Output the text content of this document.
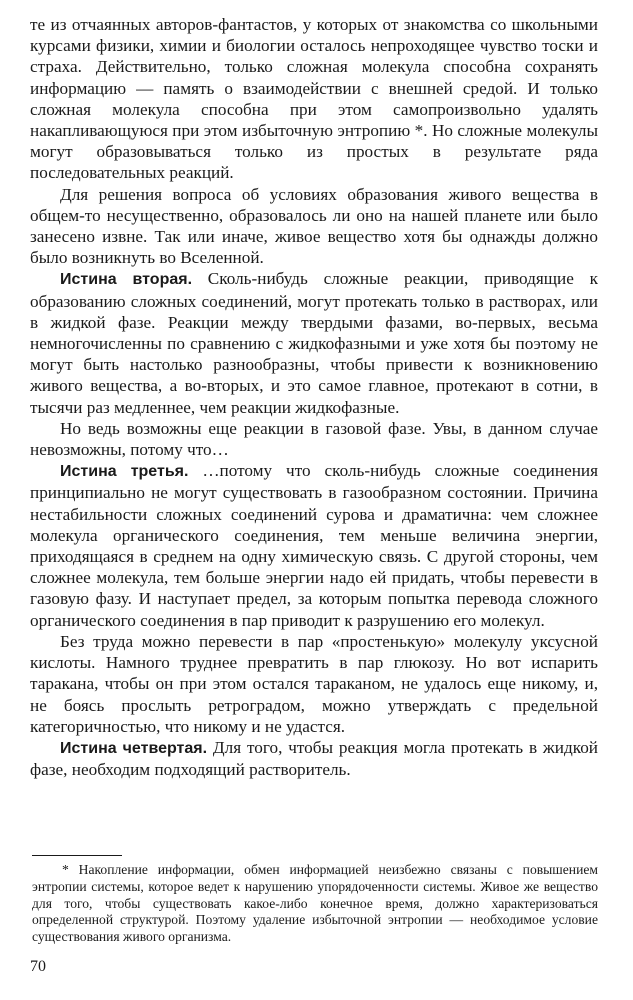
те из отчаянных авторов-фантастов, у которых от знакомства со школьными курсами физики, химии и биологии осталось непроходящее чувство тоски и страха. Действительно, только сложная молекула способна сохранять информацию — память о взаимодействии с внешней средой. И только сложная молекула способна при этом самопроизвольно удалять накапливающуюся при этом избыточную энтропию *. Но сложные молекулы могут образовываться только из простых в результате ряда последовательных реакций.

Для решения вопроса об условиях образования живого вещества в общем-то несущественно, образовалось ли оно на нашей планете или было занесено извне. Так или иначе, живое вещество хотя бы однажды должно было возникнуть во Вселенной.

Истина вторая. Сколь-нибудь сложные реакции, приводящие к образованию сложных соединений, могут протекать только в растворах, или в жидкой фазе. Реакции между твердыми фазами, во-первых, весьма немногочисленны по сравнению с жидкофазными и уже хотя бы поэтому не могут быть настолько разнообразны, чтобы привести к возникновению живого вещества, а во-вторых, и это самое главное, протекают в сотни, в тысячи раз медленнее, чем реакции жидкофазные.

Но ведь возможны еще реакции в газовой фазе. Увы, в данном случае невозможны, потому что…

Истина третья. …потому что сколь-нибудь сложные соединения принципиально не могут существовать в газообразном состоянии. Причина нестабильности сложных соединений сурова и драматична: чем сложнее молекула органического соединения, тем меньше величина энергии, приходящаяся в среднем на одну химическую связь. С другой стороны, чем сложнее молекула, тем больше энергии надо ей придать, чтобы перевести в газовую фазу. И наступает предел, за которым попытка перевода сложного органического соединения в пар приводит к разрушению его молекул.

Без труда можно перевести в пар «простенькую» молекулу уксусной кислоты. Намного труднее превратить в пар глюкозу. Но вот испарить таракана, чтобы он при этом остался тараканом, не удалось еще никому, и, не боясь прослыть ретроградом, можно утверждать с предельной категоричностью, что никому и не удастся.

Истина четвертая. Для того, чтобы реакция могла протекать в жидкой фазе, необходим подходящий растворитель.

* Накопление информации, обмен информацией неизбежно связаны с повышением энтропии системы, которое ведет к нарушению упорядоченности системы. Живое же вещество для того, чтобы существовать какое-либо конечное время, должно характеризоваться определенной структурой. Поэтому удаление избыточной энтропии — необходимое условие существования живого организма.

70
